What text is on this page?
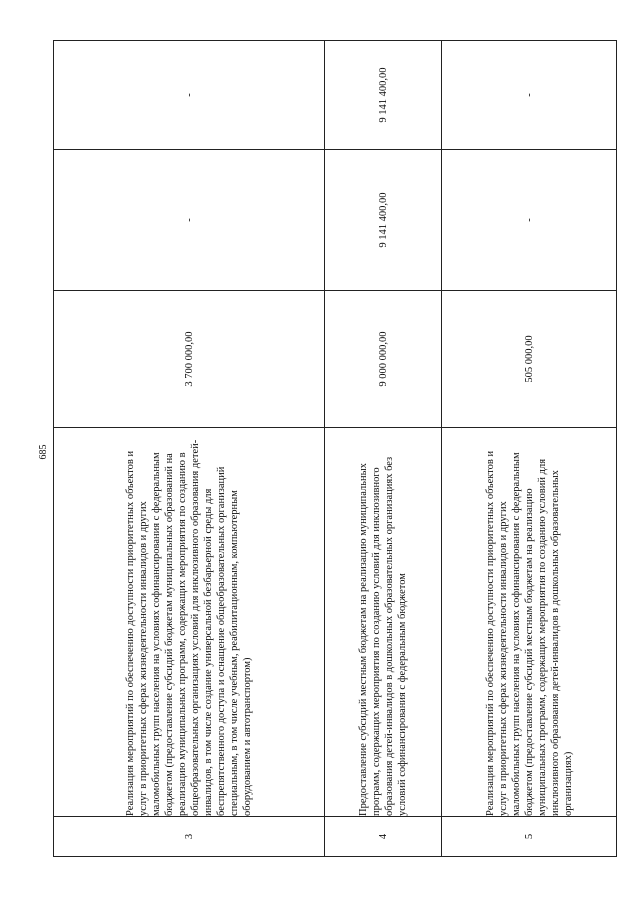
685
3	Реализация мероприятий по обеспечению доступности приоритетных объектов и услуг в приоритетных сферах жизнедеятельности инвалидов и других маломобильных групп населения на условиях софинансирования с федеральным бюджетом (предоставление субсидий бюджетам муниципальных образований на реализацию муниципальных программ, содержащих мероприятия по созданию в общеобразовательных организациях условий для инклюзивного образования детей-инвалидов, в том числе создание универсальной безбарьерной среды для беспрепятственного доступа и оснащение общеобразовательных организаций специальным, в том числе учебным, реабилитационным, компьютерным оборудованием и автотранспортом)	3 700 000,00	-	-
4	Предоставление субсидий местным бюджетам на реализацию муниципальных программ, содержащих мероприятия по созданию условий для инклюзивного образования детей-инвалидов в дошкольных образовательных организациях без условий софинансирования с федеральным бюджетом	9 000 000,00	9 141 400,00	9 141 400,00
5	Реализация мероприятий по обеспечению доступности приоритетных объектов и услуг в приоритетных сферах жизнедеятельности инвалидов и других маломобильных групп населения на условиях софинансирования с федеральным бюджетом (предоставление субсидий местным бюджетам на реализацию муниципальных программ, содержащих мероприятия по созданию условий для инклюзивного образования детей-инвалидов в дошкольных образовательных организациях)	505 000,00	-	-
